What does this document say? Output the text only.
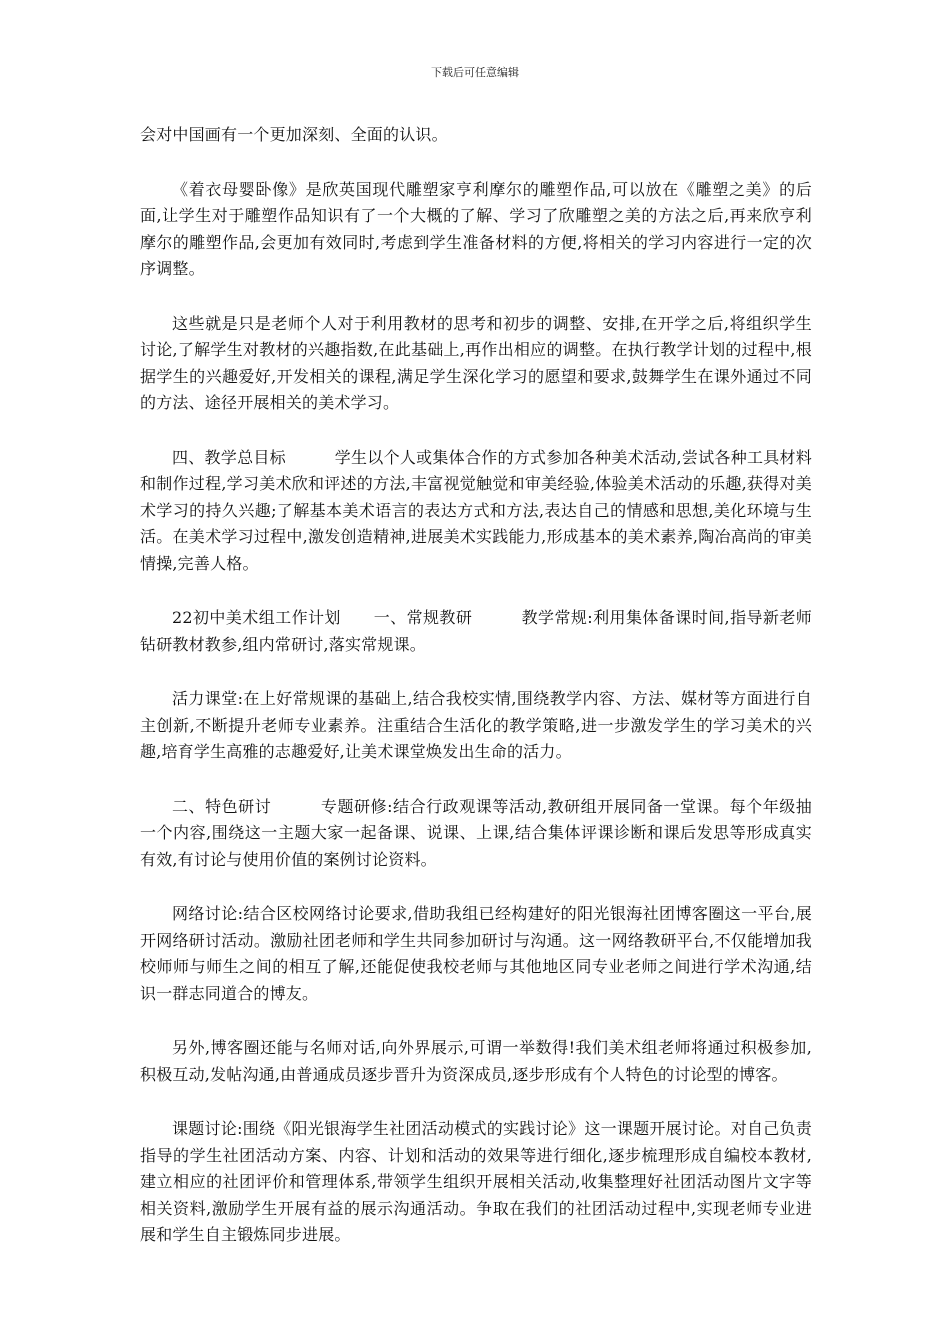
下载后可任意编辑

会对中国画有一个更加深刻、全面的认识。

《着衣母婴卧像》是欣英国现代雕塑家亨利摩尔的雕塑作品,可以放在《雕塑之美》的后面,让学生对于雕塑作品知识有了一个大概的了解、学习了欣雕塑之美的方法之后,再来欣亨利摩尔的雕塑作品,会更加有效同时,考虑到学生准备材料的方便,将相关的学习内容进行一定的次序调整。

这些就是只是老师个人对于利用教材的思考和初步的调整、安排,在开学之后,将组织学生讨论,了解学生对教材的兴趣指数,在此基础上,再作出相应的调整。在执行教学计划的过程中,根据学生的兴趣爱好,开发相关的课程,满足学生深化学习的愿望和要求,鼓舞学生在课外通过不同的方法、途径开展相关的美术学习。

四、教学总目标　　　学生以个人或集体合作的方式参加各种美术活动,尝试各种工具材料和制作过程,学习美术欣和评述的方法,丰富视觉触觉和审美经验,体验美术活动的乐趣,获得对美术学习的持久兴趣;了解基本美术语言的表达方式和方法,表达自己的情感和思想,美化环境与生活。在美术学习过程中,激发创造精神,进展美术实践能力,形成基本的美术素养,陶冶高尚的审美情操,完善人格。

22初中美术组工作计划　　一、常规教研　　　教学常规:利用集体备课时间,指导新老师钻研教材教参,组内常研讨,落实常规课。

活力课堂:在上好常规课的基础上,结合我校实情,围绕教学内容、方法、媒材等方面进行自主创新,不断提升老师专业素养。注重结合生活化的教学策略,进一步激发学生的学习美术的兴趣,培育学生高雅的志趣爱好,让美术课堂焕发出生命的活力。

二、特色研讨　　　专题研修:结合行政观课等活动,教研组开展同备一堂课。每个年级抽一个内容,围绕这一主题大家一起备课、说课、上课,结合集体评课诊断和课后发思等形成真实有效,有讨论与使用价值的案例讨论资料。

网络讨论:结合区校网络讨论要求,借助我组已经构建好的阳光银海社团博客圈这一平台,展开网络研讨活动。激励社团老师和学生共同参加研讨与沟通。这一网络教研平台,不仅能增加我校师师与师生之间的相互了解,还能促使我校老师与其他地区同专业老师之间进行学术沟通,结识一群志同道合的博友。

另外,博客圈还能与名师对话,向外界展示,可谓一举数得!我们美术组老师将通过积极参加,积极互动,发帖沟通,由普通成员逐步晋升为资深成员,逐步形成有个人特色的讨论型的博客。

课题讨论:围绕《阳光银海学生社团活动模式的实践讨论》这一课题开展讨论。对自己负责指导的学生社团活动方案、内容、计划和活动的效果等进行细化,逐步梳理形成自编校本教材,建立相应的社团评价和管理体系,带领学生组织开展相关活动,收集整理好社团活动图片文字等相关资料,激励学生开展有益的展示沟通活动。争取在我们的社团活动过程中,实现老师专业进展和学生自主锻炼同步进展。
